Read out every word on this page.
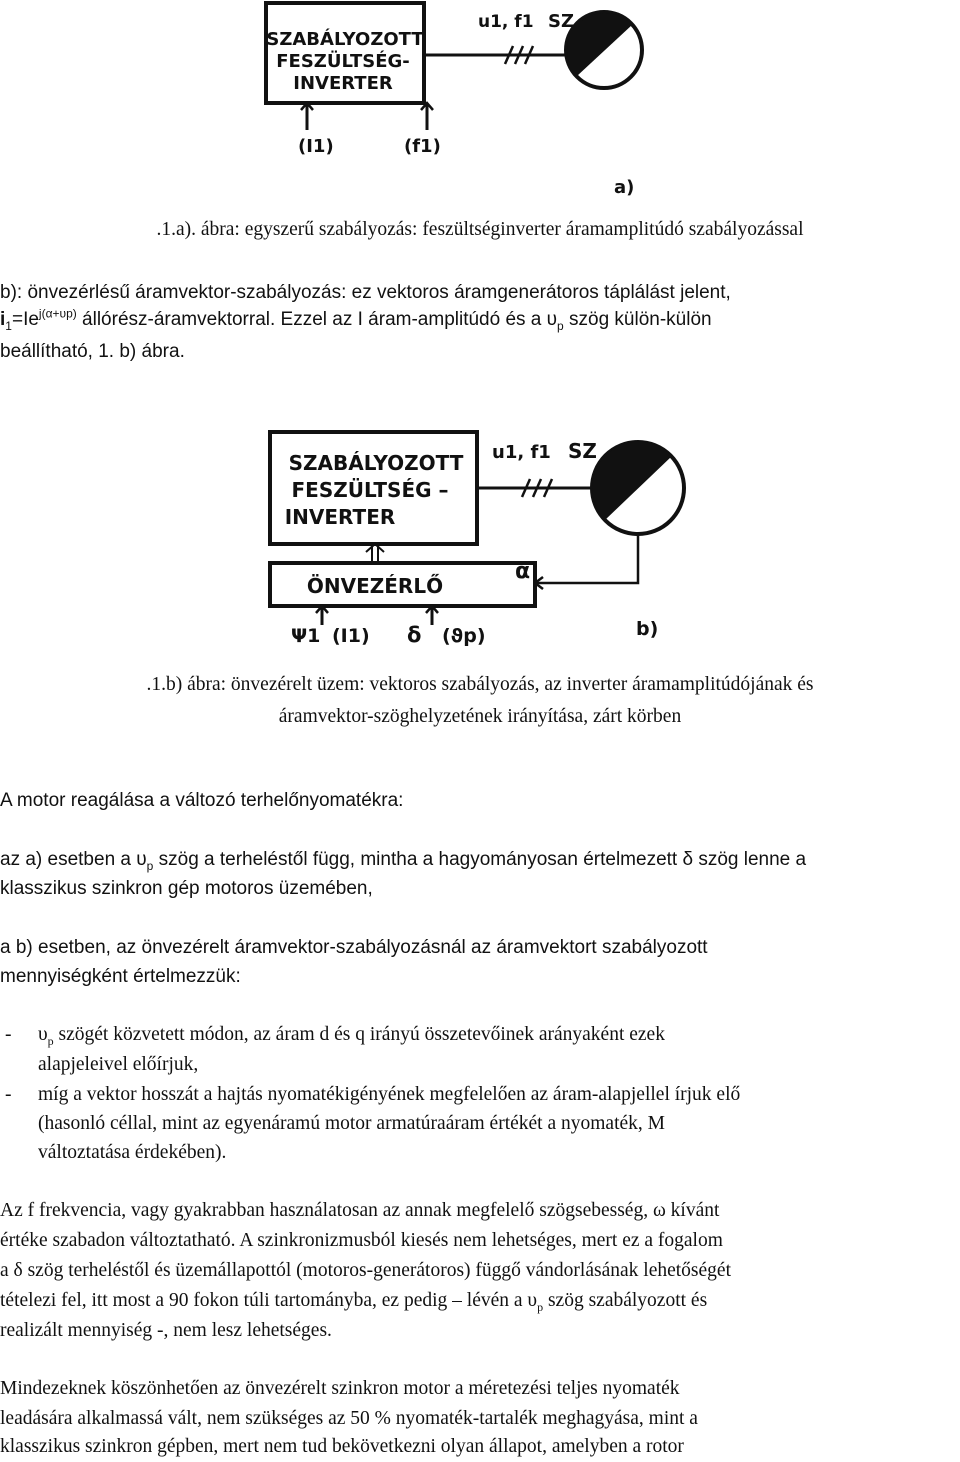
SZABÁLYOZOTT
FESZÜLTSÉG-
INVERTER
u1, f1 SZ
(I1)	(f1)
a)
.1.a). ábra: egyszerű szabályozás: feszültséginverter áramamplitúdó szabályozással
b): önvezérlésű áramvektor-szabályozás: ez vektoros áramgenerátoros táplálást jelent,
$i_1=Ie^{j(\alpha+\upsilon p)}$ állórész-áramvektorral. Ezzel az I áram-amplitúdó és a $\upsilon_p$ szög külön-külön
beállítható, 1. b) ábra.
SZABÁLYOZOTT
FESZÜLTSÉG –
INVERTER
u1, f1 SZ
α
ÖNVEZÉRLŐ
Ψ1 (I1) δ (ϑp)	b)
.1.b) ábra: önvezérelt üzem: vektoros szabályozás, az inverter áramamplitúdójának és
áramvektor-szöghelyzetének irányítása, zárt körben
A motor reagálása a változó terhelőnyomatékra:
az a) esetben a $\upsilon_p$ szög a terheléstől függ, mintha a hagyományosan értelmezett δ szög lenne a
klasszikus szinkron gép motoros üzemében,
a b) esetben, az önvezérelt áramvektor-szabályozásnál az áramvektort szabályozott
mennyiségként értelmezzük:
- $\upsilon_p$ szögét közvetett módon, az áram d és q irányú összetevőinek arányaként ezek
alapjeleivel előírjuk,
- míg a vektor hosszát a hajtás nyomatékigényének megfelelően az áram-alapjellel írjuk elő
(hasonló céllal, mint az egyenáramú motor armatúraáram értékét a nyomaték, M
változtatása érdekében).
Az f frekvencia, vagy gyakrabban használatosan az annak megfelelő szögsebesség, ω kívánt
értéke szabadon változtatható. A szinkronizmusból kiesés nem lehetséges, mert ez a fogalom
a δ szög terheléstől és üzemállapottól (motoros-generátoros) függő vándorlásának lehetőségét
tételezi fel, itt most a 90 fokon túli tartományba, ez pedig – lévén a $\upsilon_p$ szög szabályozott és
realizált mennyiség -, nem lesz lehetséges.
Mindezeknek köszönhetően az önvezérelt szinkron motor a méretezési teljes nyomaték
leadására alkalmassá vált, nem szükséges az 50 % nyomaték-tartalék meghagyása, mint a
klasszikus szinkron gépben, mert nem tud bekövetkezni olyan állapot, amelyben a rotor
